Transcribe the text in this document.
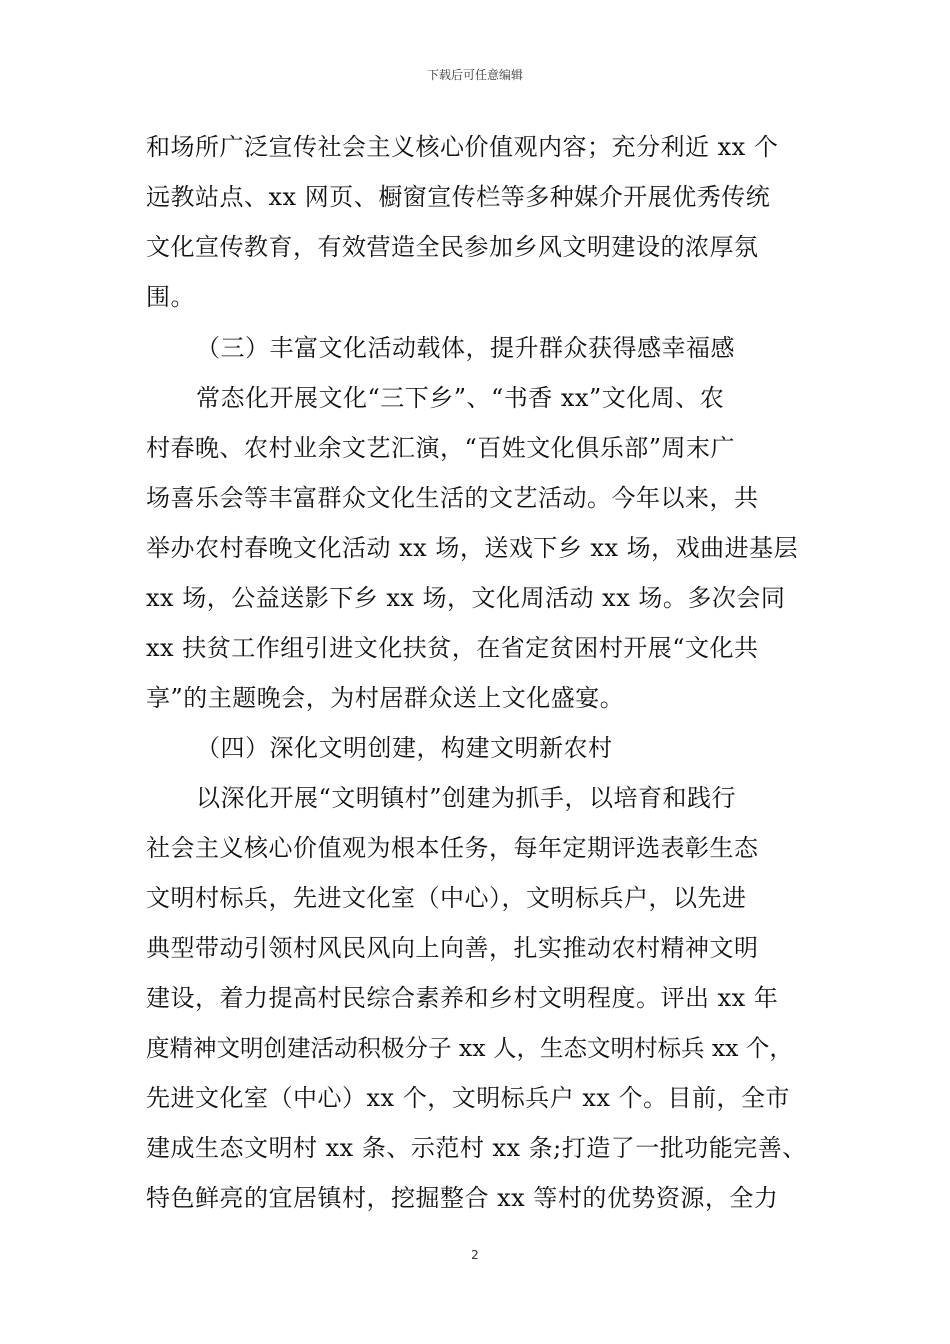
下载后可任意编辑
和场所广泛宣传社会主义核心价值观内容；充分利近 xx 个
远教站点、xx 网页、橱窗宣传栏等多种媒介开展优秀传统
文化宣传教育，有效营造全民参加乡风文明建设的浓厚氛
围。
（三）丰富文化活动载体，提升群众获得感幸福感
常态化开展文化“三下乡”、“书香 xx”文化周、农
村春晚、农村业余文艺汇演，“百姓文化俱乐部”周末广
场喜乐会等丰富群众文化生活的文艺活动。今年以来，共
举办农村春晚文化活动 xx 场，送戏下乡 xx 场，戏曲进基层
xx 场，公益送影下乡 xx 场，文化周活动 xx 场。多次会同
xx 扶贫工作组引进文化扶贫，在省定贫困村开展“文化共
享”的主题晚会，为村居群众送上文化盛宴。
（四）深化文明创建，构建文明新农村
以深化开展“文明镇村”创建为抓手，以培育和践行
社会主义核心价值观为根本任务，每年定期评选表彰生态
文明村标兵，先进文化室（中心），文明标兵户，以先进
典型带动引领村风民风向上向善，扎实推动农村精神文明
建设，着力提高村民综合素养和乡村文明程度。评出 xx 年
度精神文明创建活动积极分子 xx 人，生态文明村标兵 xx 个，
先进文化室（中心）xx 个，文明标兵户 xx 个。目前，全市
建成生态文明村 xx 条、示范村 xx 条;打造了一批功能完善、
特色鲜亮的宜居镇村，挖掘整合 xx 等村的优势资源，全力
2
